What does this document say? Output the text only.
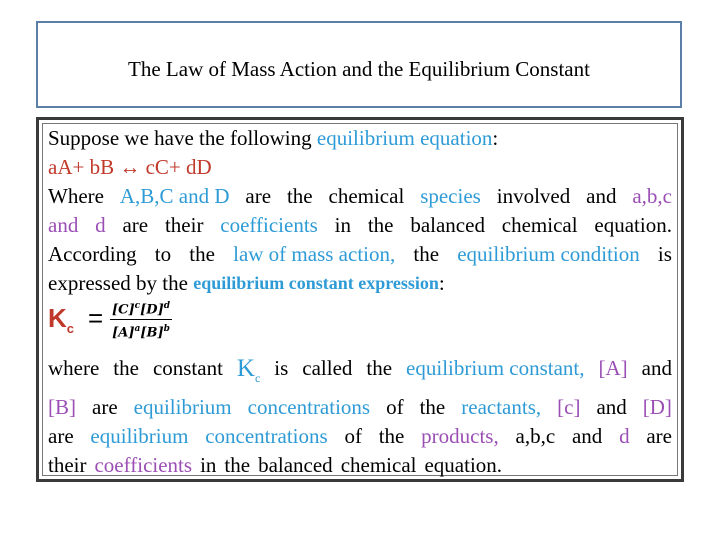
The Law of Mass Action and the Equilibrium Constant
Suppose we have the following
equilibrium equation :
aA+ bB ↔ cC+ dD
Where A,B,C and D are the chemical species involved and a,b,c
and d are their coefficients in the balanced chemical equation.
According to the law of mass action, the equilibrium condition is
expressed by the
equilibrium constant expression :
$K_c = [C]^c[D]^d$
$[A]^a[B]^b$
where the constant $K_c$ is called the equilibrium constant, [A] and
[B] are equilibrium concentrations of the reactants, [c] and [D]
are equilibrium concentrations of the products, a,b,c and d are
their coefficients in the balanced chemical equation.
